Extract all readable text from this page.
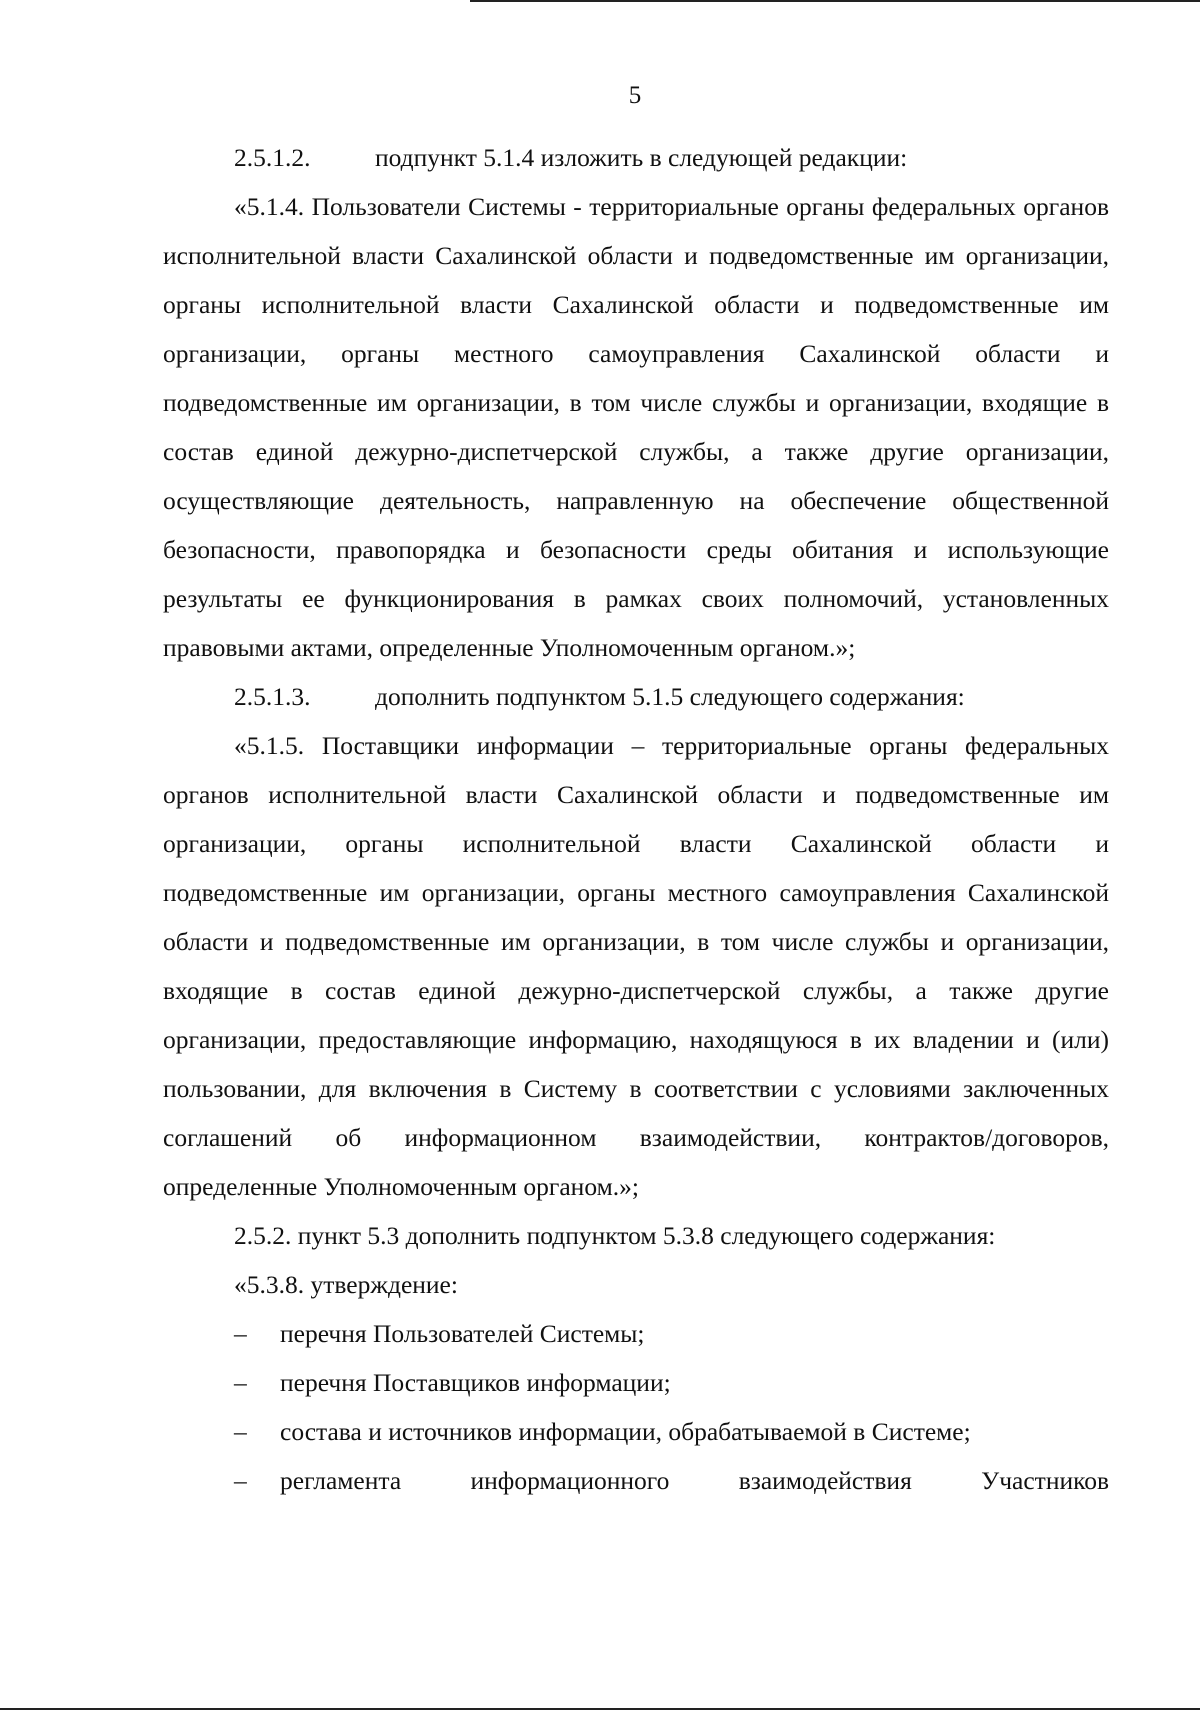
5

2.5.1.2.	подпункт 5.1.4 изложить в следующей редакции:

«5.1.4. Пользователи Системы - территориальные органы федеральных органов исполнительной власти Сахалинской области и подведомственные им организации, органы исполнительной власти Сахалинской области и подведомственные им организации, органы местного самоуправления Сахалинской области и подведомственные им организации, в том числе службы и организации, входящие в состав единой дежурно-диспетчерской службы, а также другие организации, осуществляющие деятельность, направленную на обеспечение общественной безопасности, правопорядка и безопасности среды обитания и использующие результаты ее функционирования в рамках своих полномочий, установленных правовыми актами, определенные Уполномоченным органом.»;

2.5.1.3.	дополнить подпунктом 5.1.5 следующего содержания:

«5.1.5. Поставщики информации – территориальные органы федеральных органов исполнительной власти Сахалинской области и подведомственные им организации, органы исполнительной власти Сахалинской области и подведомственные им организации, органы местного самоуправления Сахалинской области и подведомственные им организации, в том числе службы и организации, входящие в состав единой дежурно-диспетчерской службы, а также другие организации, предоставляющие информацию, находящуюся в их владении и (или) пользовании, для включения в Систему в соответствии с условиями заключенных соглашений об информационном взаимодействии, контрактов/договоров, определенные Уполномоченным органом.»;

2.5.2. пункт 5.3 дополнить подпунктом 5.3.8 следующего содержания:

«5.3.8. утверждение:

– перечня Пользователей Системы;

– перечня Поставщиков информации;

– состава и источников информации, обрабатываемой в Системе;

– регламента информационного взаимодействия Участников
